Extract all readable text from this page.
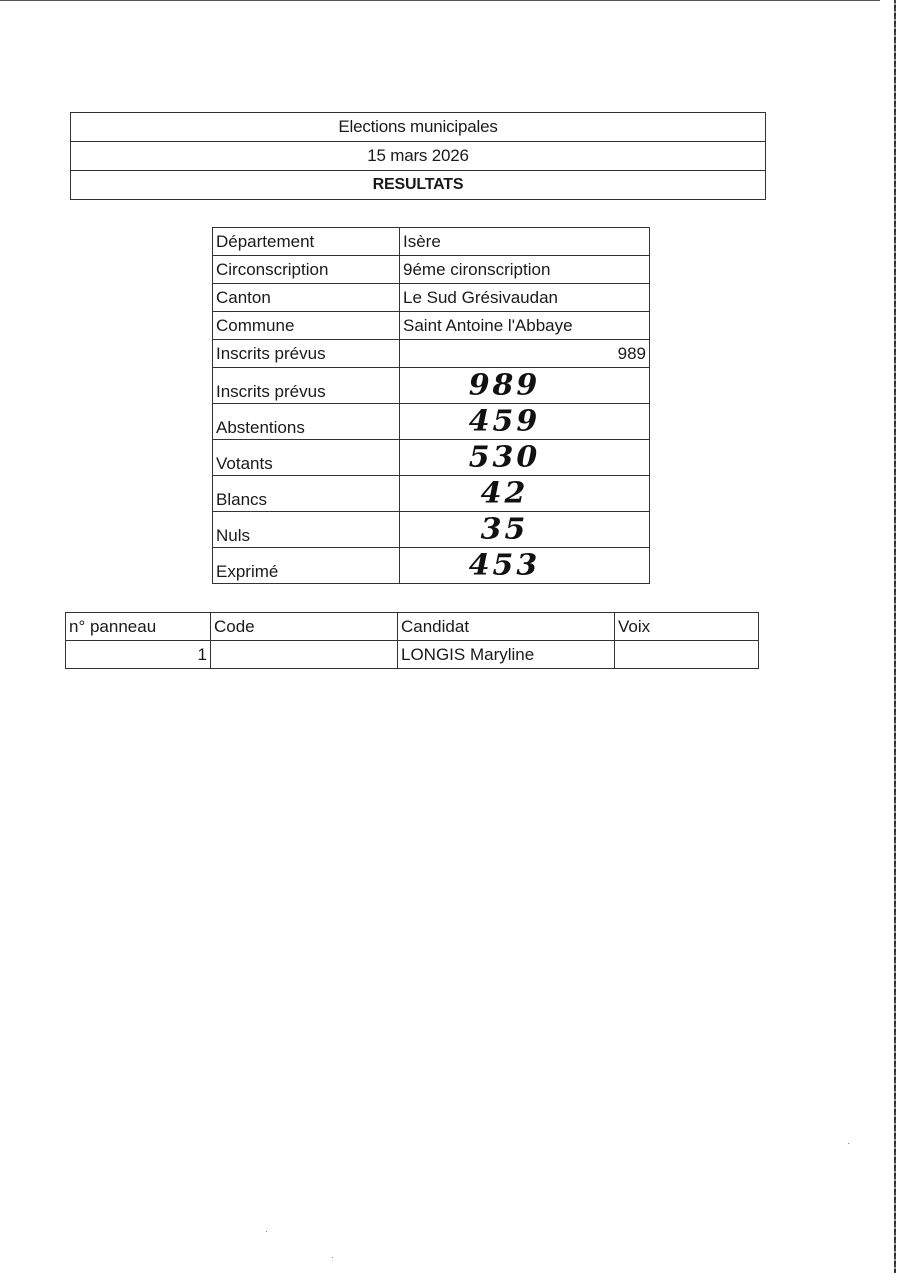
Elections municipales
15 mars 2026
RESULTATS
Département	Isère
Circonscription	9éme cironscription
Canton	Le Sud Grésivaudan
Commune	Saint Antoine l'Abbaye
Inscrits prévus	989
Inscrits prévus	989
Abstentions	459
Votants	530
Blancs	42
Nuls	35
Exprimé	453
n° panneau	Code	Candidat	Voix
1		LONGIS Maryline	
